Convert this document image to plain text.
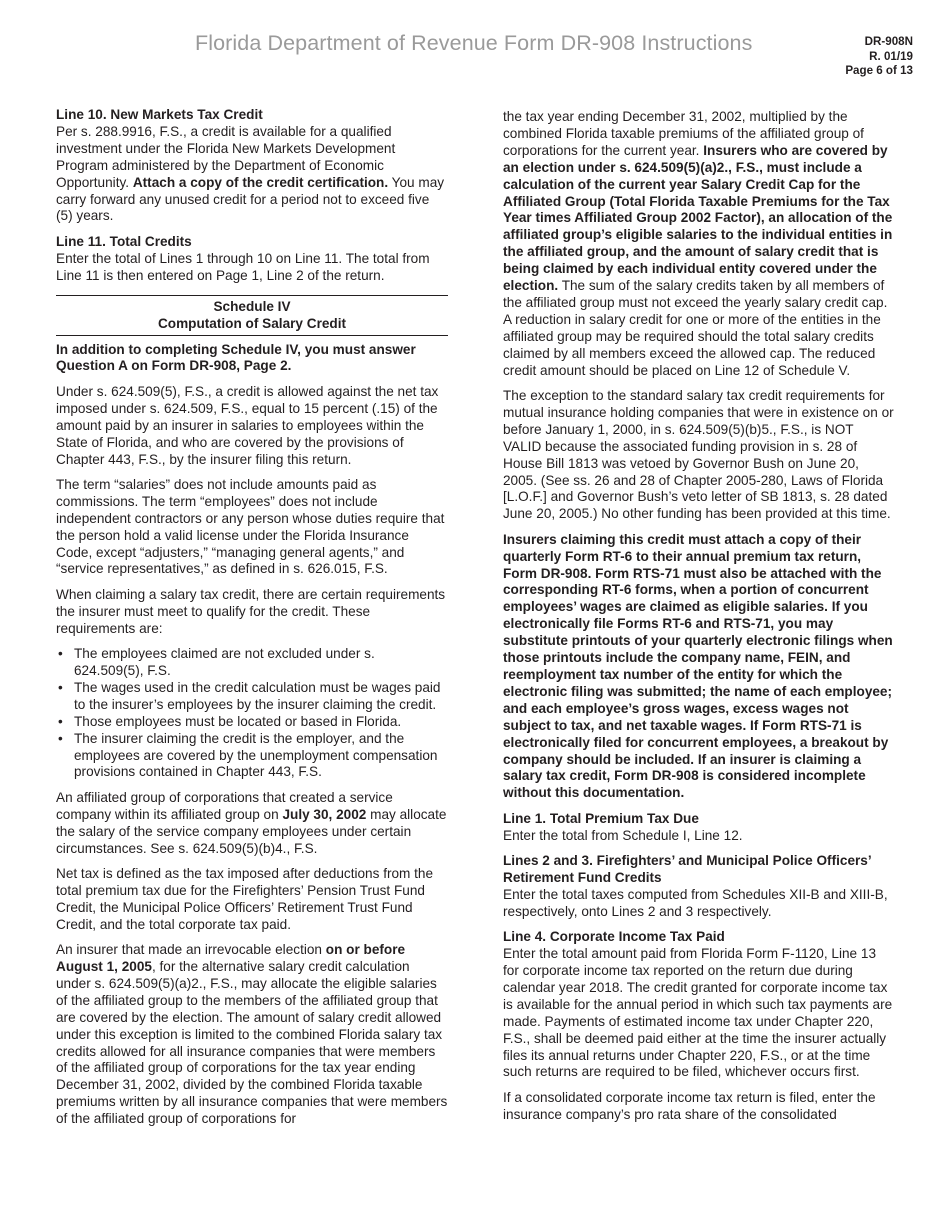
Florida Department of Revenue Form DR-908 Instructions	DR-908N
R. 01/19
Page 6 of 13
Line 10. New Markets Tax Credit

Per s. 288.9916, F.S., a credit is available for a qualified investment under the Florida New Markets Development Program administered by the Department of Economic Opportunity. Attach a copy of the credit certification. You may carry forward any unused credit for a period not to exceed five (5) years.

Line 11. Total Credits

Enter the total of Lines 1 through 10 on Line 11. The total from Line 11 is then entered on Page 1, Line 2 of the return.

Schedule IV
Computation of Salary Credit

In addition to completing Schedule IV, you must answer Question A on Form DR-908, Page 2.

Under s. 624.509(5), F.S., a credit is allowed against the net tax imposed under s. 624.509, F.S., equal to 15 percent (.15) of the amount paid by an insurer in salaries to employees within the State of Florida, and who are covered by the provisions of Chapter 443, F.S., by the insurer filing this return.

The term “salaries” does not include amounts paid as commissions. The term “employees” does not include independent contractors or any person whose duties require that the person hold a valid license under the Florida Insurance Code, except “adjusters,” “managing general agents,” and “service representatives,” as defined in s. 626.015, F.S.

When claiming a salary tax credit, there are certain requirements the insurer must meet to qualify for the credit. These requirements are:

• The employees claimed are not excluded under s. 624.509(5), F.S.
• The wages used in the credit calculation must be wages paid to the insurer’s employees by the insurer claiming the credit.
• Those employees must be located or based in Florida.
• The insurer claiming the credit is the employer, and the employees are covered by the unemployment compensation provisions contained in Chapter 443, F.S.

An affiliated group of corporations that created a service company within its affiliated group on July 30, 2002 may allocate the salary of the service company employees under certain circumstances. See s. 624.509(5)(b)4., F.S.

Net tax is defined as the tax imposed after deductions from the total premium tax due for the Firefighters’ Pension Trust Fund Credit, the Municipal Police Officers’ Retirement Trust Fund Credit, and the total corporate tax paid.

An insurer that made an irrevocable election on or before August 1, 2005, for the alternative salary credit calculation under s. 624.509(5)(a)2., F.S., may allocate the eligible salaries of the affiliated group to the members of the affiliated group that are covered by the election. The amount of salary credit allowed under this exception is limited to the combined Florida salary tax credits allowed for all insurance companies that were members of the affiliated group of corporations for the tax year ending December 31, 2002, divided by the combined Florida taxable premiums written by all insurance companies that were members of the affiliated group of corporations for

the tax year ending December 31, 2002, multiplied by the combined Florida taxable premiums of the affiliated group of corporations for the current year. Insurers who are covered by an election under s. 624.509(5)(a)2., F.S., must include a calculation of the current year Salary Credit Cap for the Affiliated Group (Total Florida Taxable Premiums for the Tax Year times Affiliated Group 2002 Factor), an allocation of the affiliated group’s eligible salaries to the individual entities in the affiliated group, and the amount of salary credit that is being claimed by each individual entity covered under the election. The sum of the salary credits taken by all members of the affiliated group must not exceed the yearly salary credit cap. A reduction in salary credit for one or more of the entities in the affiliated group may be required should the total salary credits claimed by all members exceed the allowed cap. The reduced credit amount should be placed on Line 12 of Schedule V.

The exception to the standard salary tax credit requirements for mutual insurance holding companies that were in existence on or before January 1, 2000, in s. 624.509(5)(b)5., F.S., is NOT VALID because the associated funding provision in s. 28 of House Bill 1813 was vetoed by Governor Bush on June 20, 2005. (See ss. 26 and 28 of Chapter 2005-280, Laws of Florida [L.O.F.] and Governor Bush’s veto letter of SB 1813, s. 28 dated June 20, 2005.) No other funding has been provided at this time.

Insurers claiming this credit must attach a copy of their quarterly Form RT-6 to their annual premium tax return, Form DR-908. Form RTS-71 must also be attached with the corresponding RT-6 forms, when a portion of concurrent employees’ wages are claimed as eligible salaries. If you electronically file Forms RT-6 and RTS-71, you may substitute printouts of your quarterly electronic filings when those printouts include the company name, FEIN, and reemployment tax number of the entity for which the electronic filing was submitted; the name of each employee; and each employee’s gross wages, excess wages not subject to tax, and net taxable wages. If Form RTS-71 is electronically filed for concurrent employees, a breakout by company should be included. If an insurer is claiming a salary tax credit, Form DR-908 is considered incomplete without this documentation.

Line 1. Total Premium Tax Due

Enter the total from Schedule I, Line 12.

Lines 2 and 3. Firefighters’ and Municipal Police Officers’ Retirement Fund Credits

Enter the total taxes computed from Schedules XII-B and XIII-B, respectively, onto Lines 2 and 3 respectively.

Line 4. Corporate Income Tax Paid

Enter the total amount paid from Florida Form F-1120, Line 13 for corporate income tax reported on the return due during calendar year 2018. The credit granted for corporate income tax is available for the annual period in which such tax payments are made. Payments of estimated income tax under Chapter 220, F.S., shall be deemed paid either at the time the insurer actually files its annual returns under Chapter 220, F.S., or at the time such returns are required to be filed, whichever occurs first.

If a consolidated corporate income tax return is filed, enter the insurance company’s pro rata share of the consolidated
